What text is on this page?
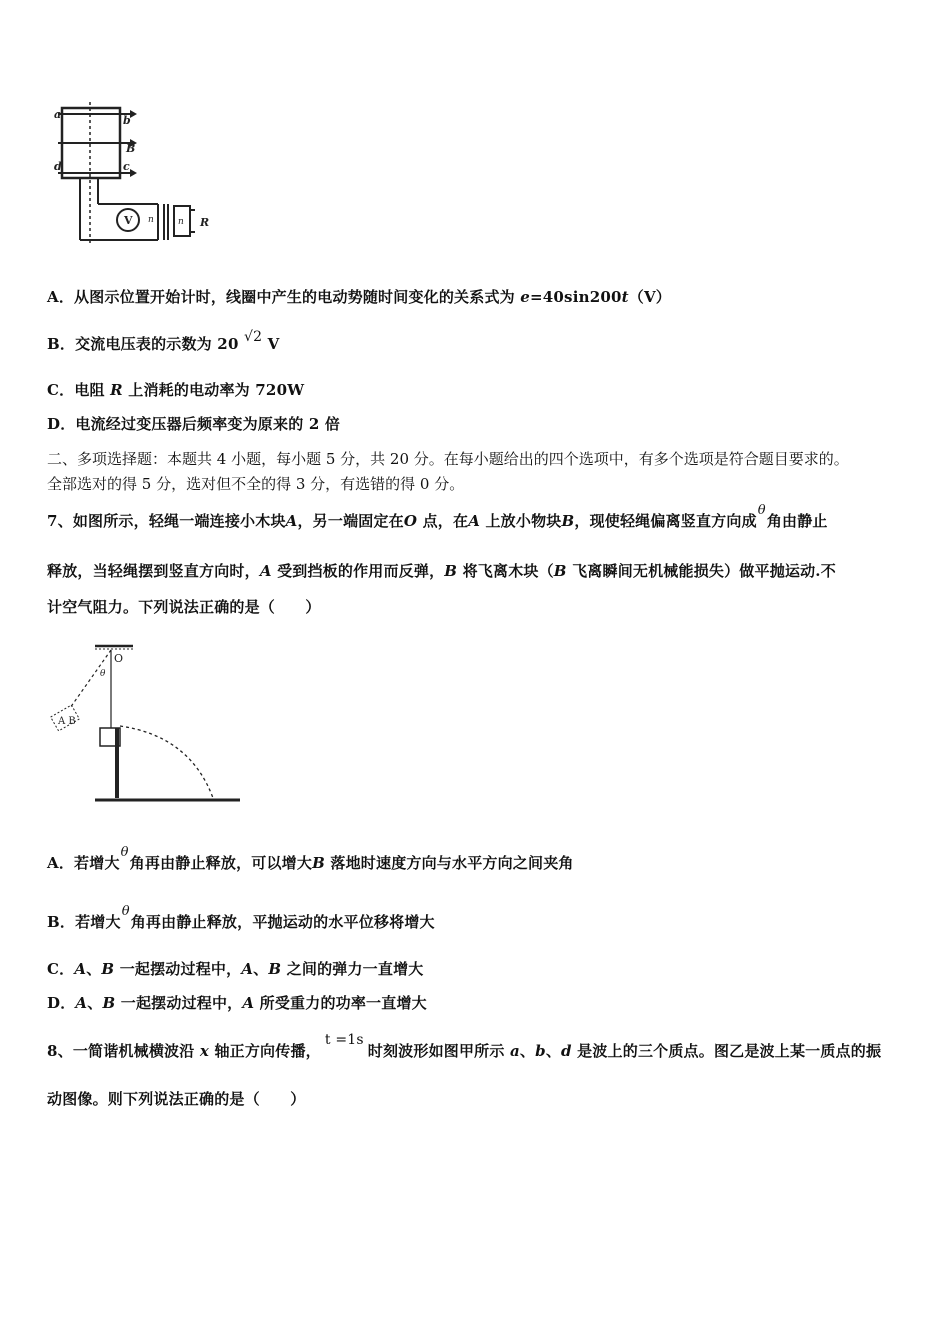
a	b
d	c
B
V n	n R
A．从图示位置开始计时，线圈中产生的电动势随时间变化的关系式为 e=40sin200t（V）
B．交流电压表的示数为 20 √2 V
C．电阻 R 上消耗的电动率为 720W
D．电流经过变压器后频率变为原来的 2 倍
二、多项选择题：本题共 4 小题，每小题 5 分，共 20 分。在每小题给出的四个选项中，有多个选项是符合题目要求的。
全部选对的得 5 分，选对但不全的得 3 分，有选错的得 0 分。
7、如图所示，轻绳一端连接小木块A，另一端固定在O 点，在A 上放小物块B，现使轻绳偏离竖直方向成θ角由静止
释放，当轻绳摆到竖直方向时，A 受到挡板的作用而反弹，B 将飞离木块（B 飞离瞬间无机械能损失）做平抛运动.不
计空气阻力。下列说法正确的是（　　）
O
θ
A B
A．若增大θ角再由静止释放，可以增大B 落地时速度方向与水平方向之间夹角
B．若增大θ角再由静止释放，平抛运动的水平位移将增大
C．A、B 一起摆动过程中，A、B 之间的弹力一直增大
D．A、B 一起摆动过程中，A 所受重力的功率一直增大
8、一简谐机械横波沿 x 轴正方向传播，t =1s时刻波形如图甲所示 a、b、d 是波上的三个质点。图乙是波上某一质点的振
动图像。则下列说法正确的是（　　）
